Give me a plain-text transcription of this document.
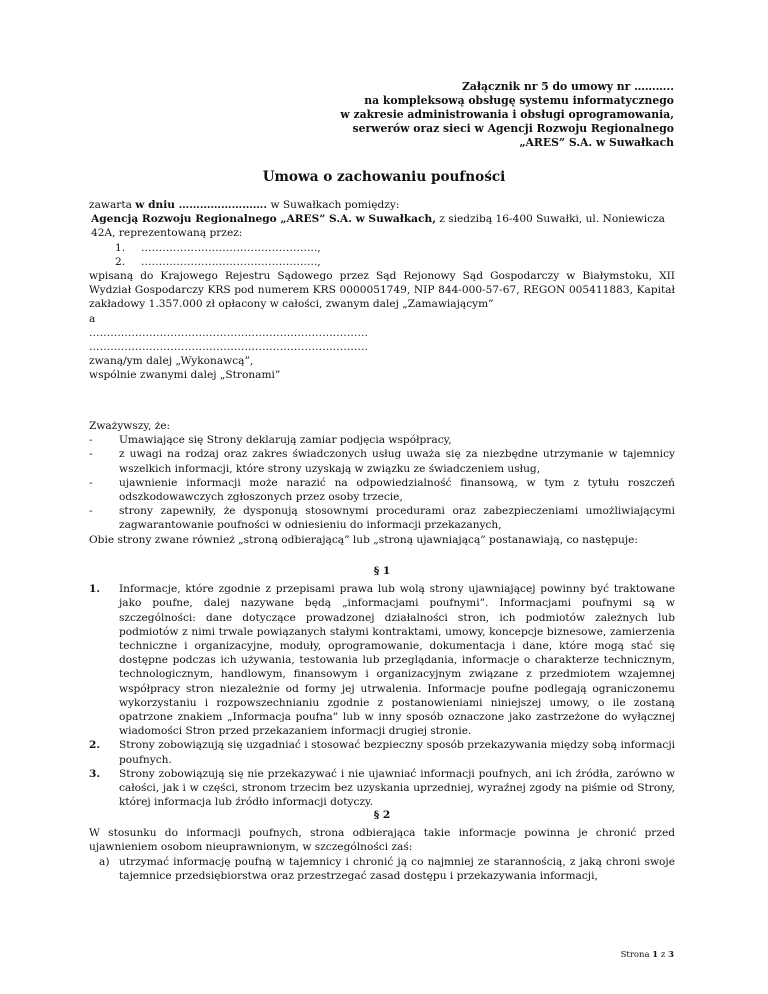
Załącznik nr 5 do umowy nr ………..
na kompleksową obsługę systemu informatycznego
w zakresie administrowania i obsługi oprogramowania,
serwerów oraz sieci w Agencji Rozwoju Regionalnego
„ARES” S.A. w Suwałkach
Umowa o zachowaniu poufności
zawarta w dniu ……………………. w Suwałkach pomiędzy:
Agencją Rozwoju Regionalnego „ARES” S.A. w Suwałkach, z siedzibą 16-400 Suwałki, ul. Noniewicza
42A, reprezentowaną przez:
1. …………………………………………..,
2. …………………………………………..,
wpisaną do Krajowego Rejestru Sądowego przez Sąd Rejonowy Sąd Gospodarczy w Białymstoku, XII Wydział Gospodarczy KRS pod numerem KRS 0000051749, NIP 844-000-57-67, REGON 005411883, Kapitał zakładowy 1.357.000 zł opłacony w całości, zwanym dalej „Zamawiającym”
a
…………………………………………………………………….
…………………………………………………………………….
zwaną/ym dalej „Wykonawcą”,
wspólnie zwanymi dalej „Stronami”
Zważywszy, że:
- Umawiające się Strony deklarują zamiar podjęcia współpracy,
- z uwagi na rodzaj oraz zakres świadczonych usług uważa się za niezbędne utrzymanie w tajemnicy wszelkich informacji, które strony uzyskają w związku ze świadczeniem usług,
- ujawnienie informacji może narazić na odpowiedzialność finansową, w tym z tytułu roszczeń odszkodowawczych zgłoszonych przez osoby trzecie,
- strony zapewniły, że dysponują stosownymi procedurami oraz zabezpieczeniami umożliwiającymi zagwarantowanie poufności w odniesieniu do informacji przekazanych,
Obie strony zwane również „stroną odbierającą” lub „stroną ujawniającą” postanawiają, co następuje:
§ 1
1. Informacje, które zgodnie z przepisami prawa lub wolą strony ujawniającej powinny być traktowane jako poufne, dalej nazywane będą „informacjami poufnymi”. Informacjami poufnymi są w szczególności: dane dotyczące prowadzonej działalności stron, ich podmiotów zależnych lub podmiotów z nimi trwale powiązanych stałymi kontraktami, umowy, koncepcje biznesowe, zamierzenia techniczne i organizacyjne, moduły, oprogramowanie, dokumentacja i dane, które mogą stać się dostępne podczas ich używania, testowania lub przeglądania, informacje o charakterze technicznym, technologicznym, handlowym, finansowym i organizacyjnym związane z przedmiotem wzajemnej współpracy stron niezależnie od formy jej utrwalenia. Informacje poufne podlegają ograniczonemu wykorzystaniu i rozpowszechnianiu zgodnie z postanowieniami niniejszej umowy, o ile zostaną opatrzone znakiem „Informacja poufna” lub w inny sposób oznaczone jako zastrzeżone do wyłącznej wiadomości Stron przed przekazaniem informacji drugiej stronie.
2. Strony zobowiązują się uzgadniać i stosować bezpieczny sposób przekazywania między sobą informacji poufnych.
3. Strony zobowiązują się nie przekazywać i nie ujawniać informacji poufnych, ani ich źródła, zarówno w całości, jak i w części, stronom trzecim bez uzyskania uprzedniej, wyraźnej zgody na piśmie od Strony, której informacja lub źródło informacji dotyczy.
§ 2
W stosunku do informacji poufnych, strona odbierająca takie informacje powinna je chronić przed ujawnieniem osobom nieuprawnionym, w szczególności zaś:
a) utrzymać informację poufną w tajemnicy i chronić ją co najmniej ze starannością, z jaką chroni swoje tajemnice przedsiębiorstwa oraz przestrzegać zasad dostępu i przekazywania informacji,
Strona 1 z 3
